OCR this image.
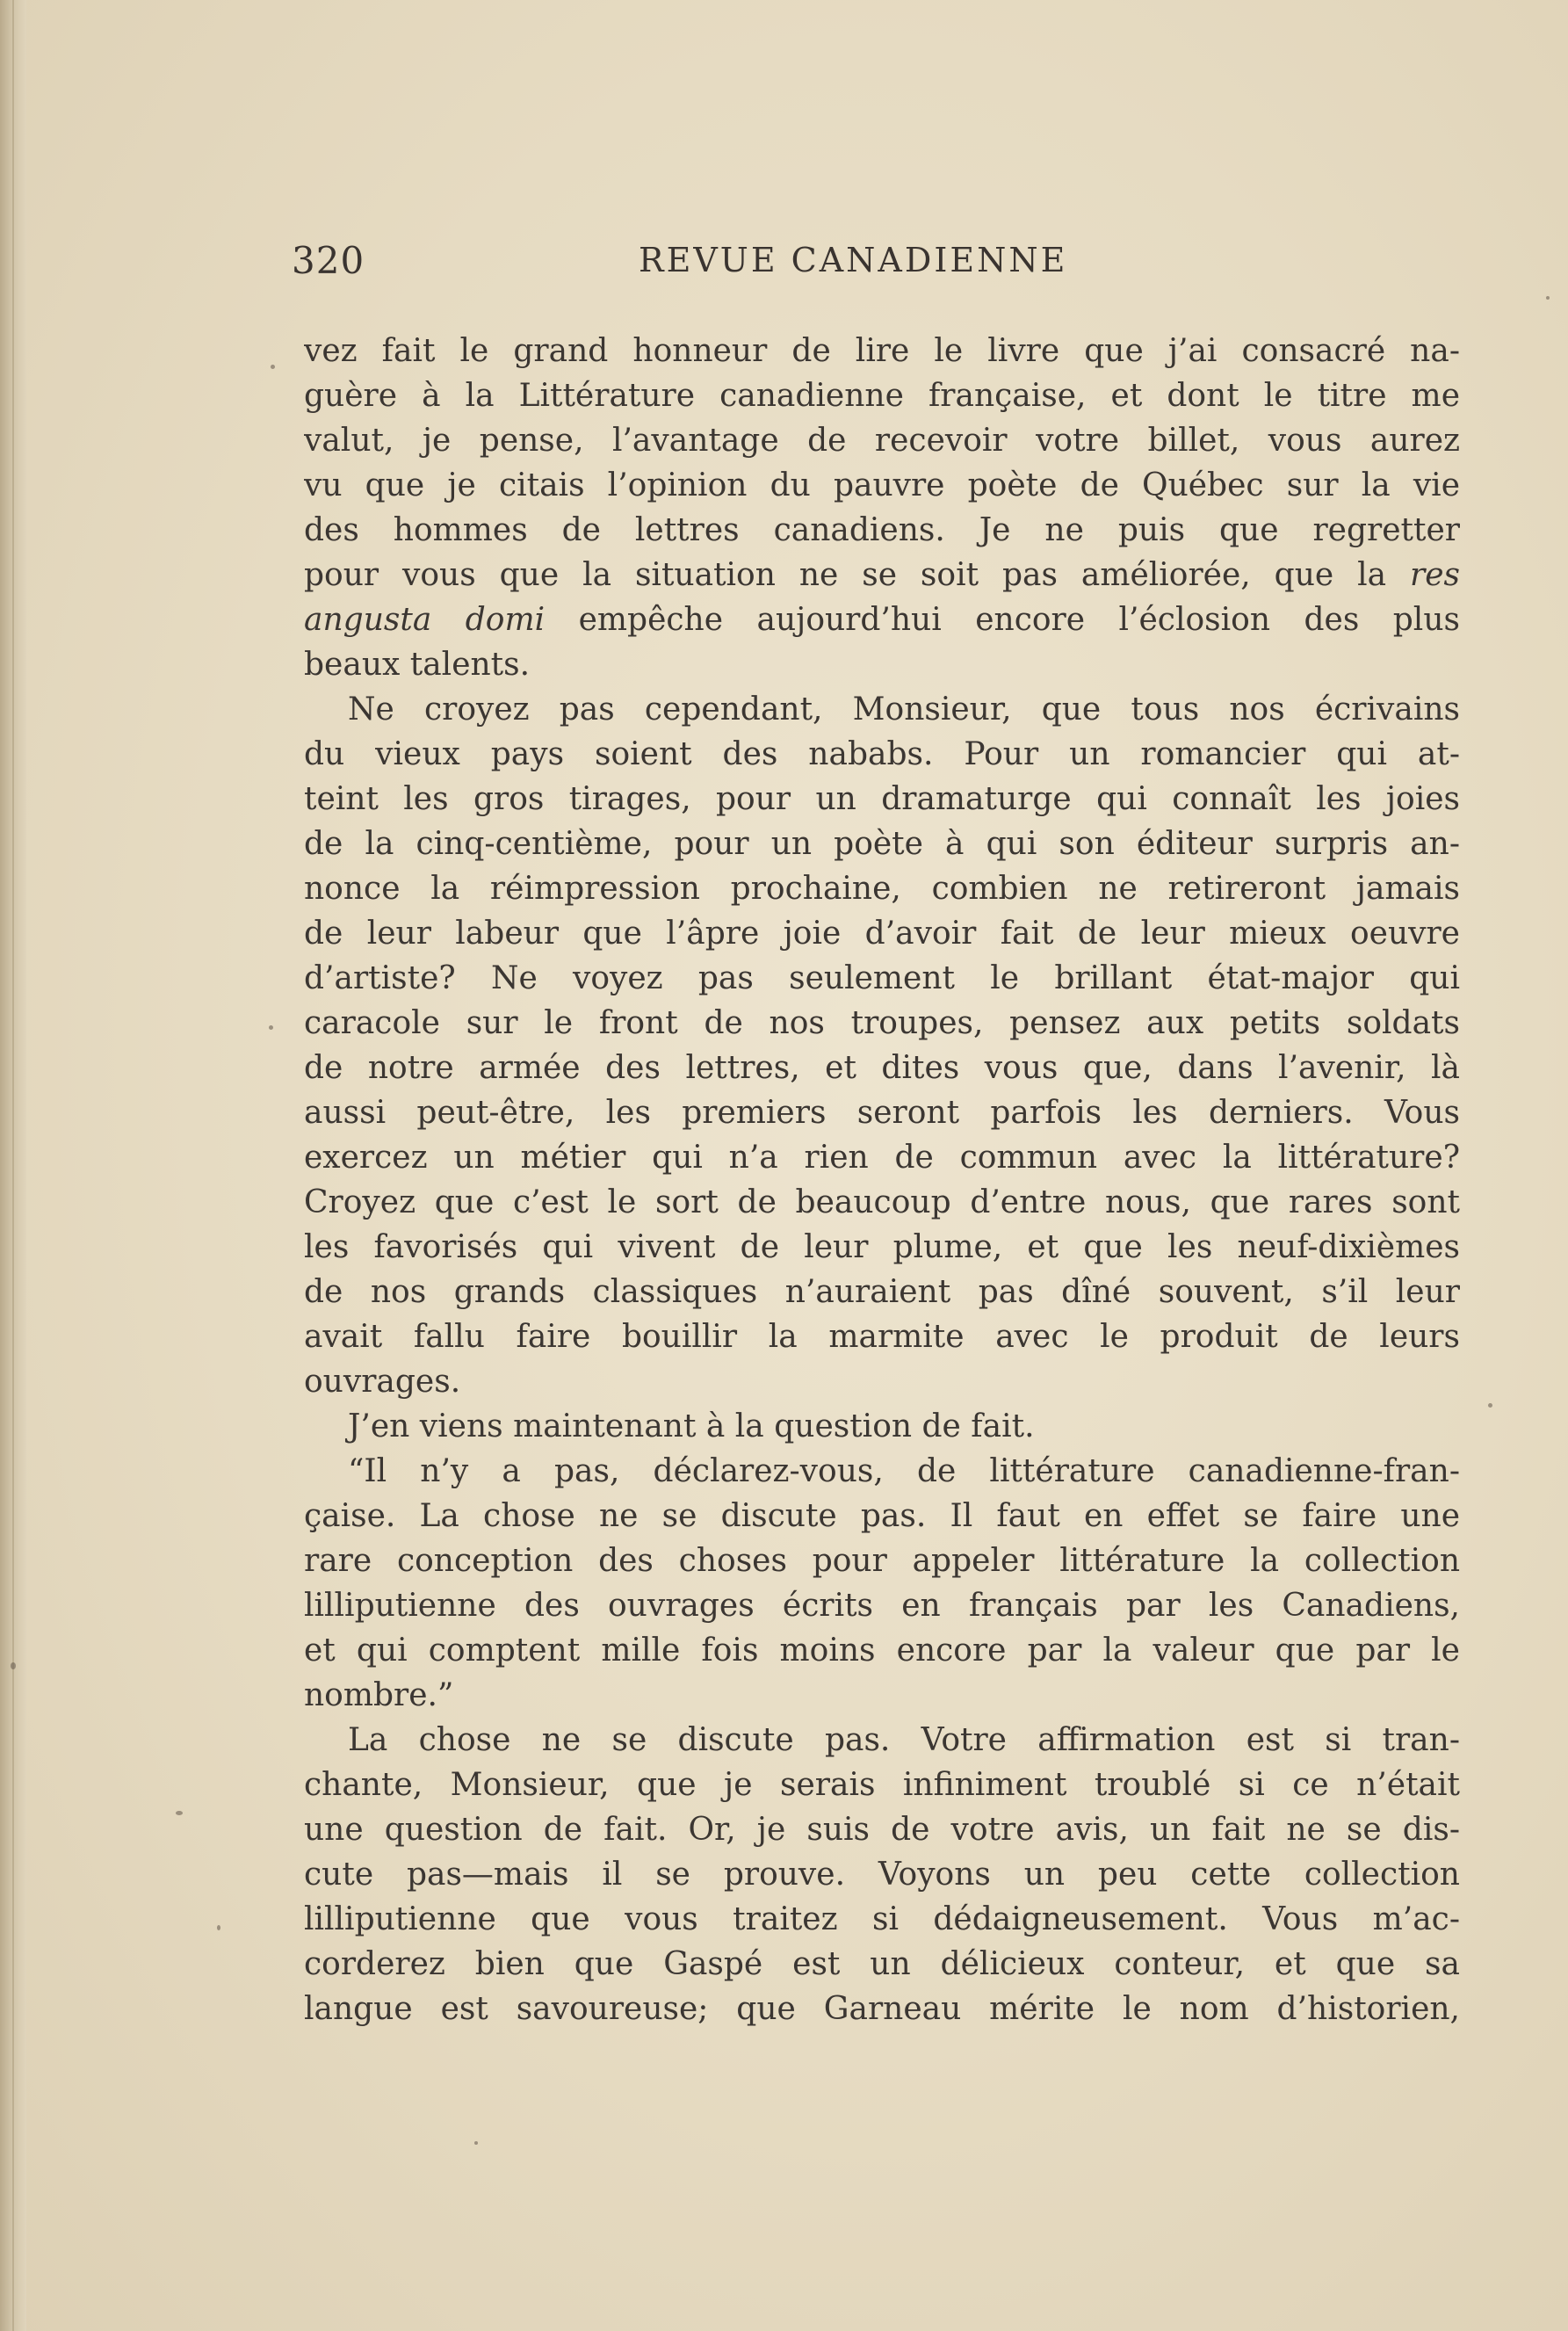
320	REVUE CANADIENNE
vez fait le grand honneur de lire le livre que j’ai consacré na-
guère à la Littérature canadienne française, et dont le titre me
valut, je pense, l’avantage de recevoir votre billet, vous aurez
vu que je citais l’opinion du pauvre poète de Québec sur la vie
des hommes de lettres canadiens. Je ne puis que regretter
pour vous que la situation ne se soit pas améliorée, que la res
angusta domi empêche aujourd’hui encore l’éclosion des plus
beaux talents.
Ne croyez pas cependant, Monsieur, que tous nos écrivains
du vieux pays soient des nababs. Pour un romancier qui at-
teint les gros tirages, pour un dramaturge qui connaît les joies
de la cinq-centième, pour un poète à qui son éditeur surpris an-
nonce la réimpression prochaine, combien ne retireront jamais
de leur labeur que l’âpre joie d’avoir fait de leur mieux oeuvre
d’artiste? Ne voyez pas seulement le brillant état-major qui
caracole sur le front de nos troupes, pensez aux petits soldats
de notre armée des lettres, et dites vous que, dans l’avenir, là
aussi peut-être, les premiers seront parfois les derniers. Vous
exercez un métier qui n’a rien de commun avec la littérature?
Croyez que c’est le sort de beaucoup d’entre nous, que rares sont
les favorisés qui vivent de leur plume, et que les neuf-dixièmes
de nos grands classiques n’auraient pas dîné souvent, s’il leur
avait fallu faire bouillir la marmite avec le produit de leurs
ouvrages.
J’en viens maintenant à la question de fait.
“Il n’y a pas, déclarez-vous, de littérature canadienne-fran-
çaise. La chose ne se discute pas. Il faut en effet se faire une
rare conception des choses pour appeler littérature la collection
lilliputienne des ouvrages écrits en français par les Canadiens,
et qui comptent mille fois moins encore par la valeur que par le
nombre.”
La chose ne se discute pas. Votre affirmation est si tran-
chante, Monsieur, que je serais infiniment troublé si ce n’était
une question de fait. Or, je suis de votre avis, un fait ne se dis-
cute pas—mais il se prouve. Voyons un peu cette collection
lilliputienne que vous traitez si dédaigneusement. Vous m’ac-
corderez bien que Gaspé est un délicieux conteur, et que sa
langue est savoureuse; que Garneau mérite le nom d’historien,
